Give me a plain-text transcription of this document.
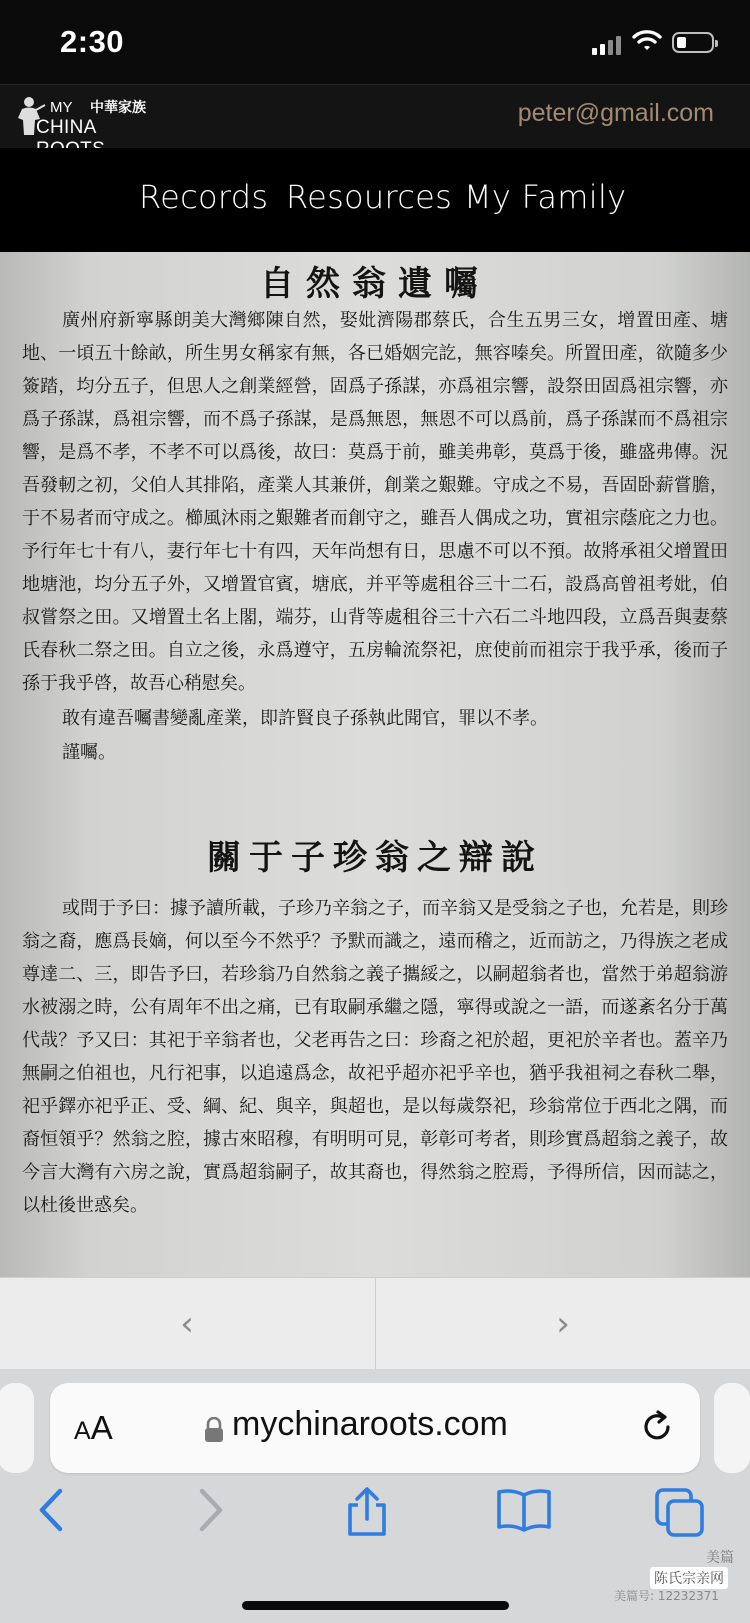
2:30
MY 中華家族
CHINA
peter@gmail.com
Records Resources My Family
自然翁遺囑
廣州府新寧縣朗美大灣鄉陳自然，娶妣濟陽郡蔡氏，合生五男三女，增置田產、塘地、一頃五十餘畝，所生男女稱家有無，各已婚姻完訖，無容嗪矣。所置田產，欲隨多少簽踏，均分五子，但思人之創業經營，固爲子孫謀，亦爲祖宗響，設祭田固爲祖宗響，亦爲子孫謀，爲祖宗響，而不爲子孫謀，是爲無恩，無恩不可以爲前，爲子孫謀而不爲祖宗響，是爲不孝，不孝不可以爲後，故曰：莫爲于前，雖美弗彰，莫爲于後，雖盛弗傳。況吾發軔之初，父伯人其排陷，產業人其兼併，創業之艱難。守成之不易，吾固卧薪嘗膽，于不易者而守成之。櫛風沐雨之艱難者而創守之，雖吾人偶成之功，實祖宗蔭庇之力也。予行年七十有八，妻行年七十有四，天年尚想有日，思慮不可以不預。故將承祖父增置田地塘池，均分五子外，又增置官賓，塘底，并平等處租谷三十二石，設爲高曾祖考妣，伯叔嘗祭之田。又增置土名上閣，端芬，山背等處租谷三十六石二斗地四段，立爲吾與妻蔡氏春秋二祭之田。自立之後，永爲遵守，五房輪流祭祀，庶使前而祖宗于我乎承，後而子孫于我乎啓，故吾心稍慰矣。
敢有違吾囑書變亂產業，即許賢良子孫執此聞官，罪以不孝。
謹囑。
關于子珍翁之辯說
或問于予曰：據予讀所載，子珍乃辛翁之子，而辛翁又是受翁之子也，允若是，則珍翁之裔，應爲長嫡，何以至今不然乎？予默而識之，遠而稽之，近而訪之，乃得族之老成尊達二、三，即告予曰，若珍翁乃自然翁之義子攜綏之，以嗣超翁者也，當然于弟超翁游水被溺之時，公有周年不出之痛，已有取嗣承繼之隱，寧得或說之一語，而遂紊名分于萬代哉？予又曰：其祀于辛翁者也，父老再告之曰：珍裔之祀於超，更祀於辛者也。蓋辛乃無嗣之伯祖也，凡行祀事，以追遠爲念，故祀乎超亦祀乎辛也，猶乎我祖祠之春秋二舉，祀乎鐸亦祀乎正、受、綱、紀、與辛，與超也，是以每歲祭祀，珍翁常位于西北之隅，而裔恒領乎？然翁之腔，據古來昭穆，有明明可見，彰彰可考者，則珍實爲超翁之義子，故今言大灣有六房之說，實爲超翁嗣子，故其裔也，得然翁之腔焉，予得所信，因而誌之，以杜後世惑矣。
‹	›
AA	mychinaroots.com
美篇
陈氏宗亲网
美篇号: 12232371
